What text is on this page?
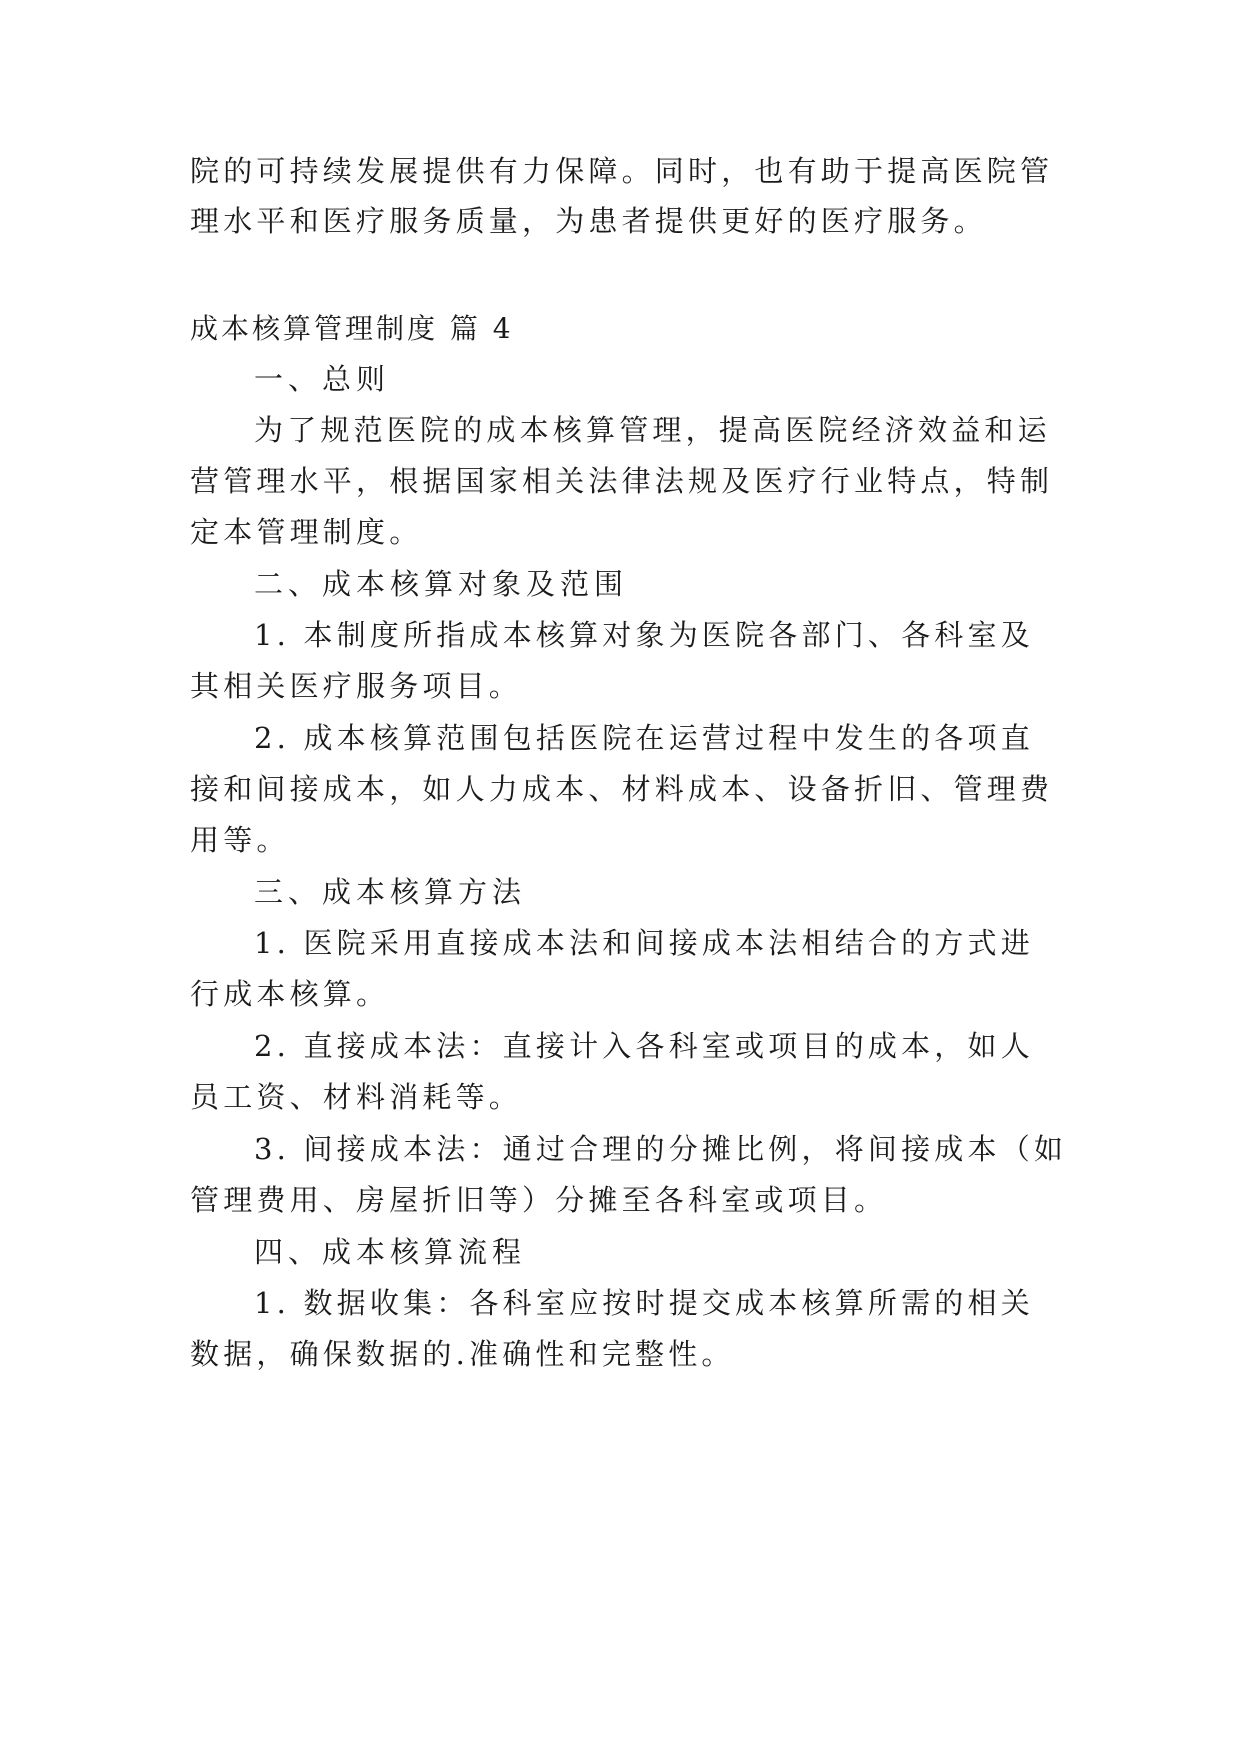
院的可持续发展提供有力保障。同时，也有助于提高医院管

理水平和医疗服务质量，为患者提供更好的医疗服务。

成本核算管理制度 篇 4

一、总则

为了规范医院的成本核算管理，提高医院经济效益和运

营管理水平，根据国家相关法律法规及医疗行业特点，特制

定本管理制度。

二、成本核算对象及范围

1. 本制度所指成本核算对象为医院各部门、各科室及

其相关医疗服务项目。

2. 成本核算范围包括医院在运营过程中发生的各项直

接和间接成本，如人力成本、材料成本、设备折旧、管理费

用等。

三、成本核算方法

1. 医院采用直接成本法和间接成本法相结合的方式进

行成本核算。

2. 直接成本法：直接计入各科室或项目的成本，如人

员工资、材料消耗等。

3. 间接成本法：通过合理的分摊比例，将间接成本（如

管理费用、房屋折旧等）分摊至各科室或项目。

四、成本核算流程

1. 数据收集：各科室应按时提交成本核算所需的相关

数据，确保数据的.准确性和完整性。
